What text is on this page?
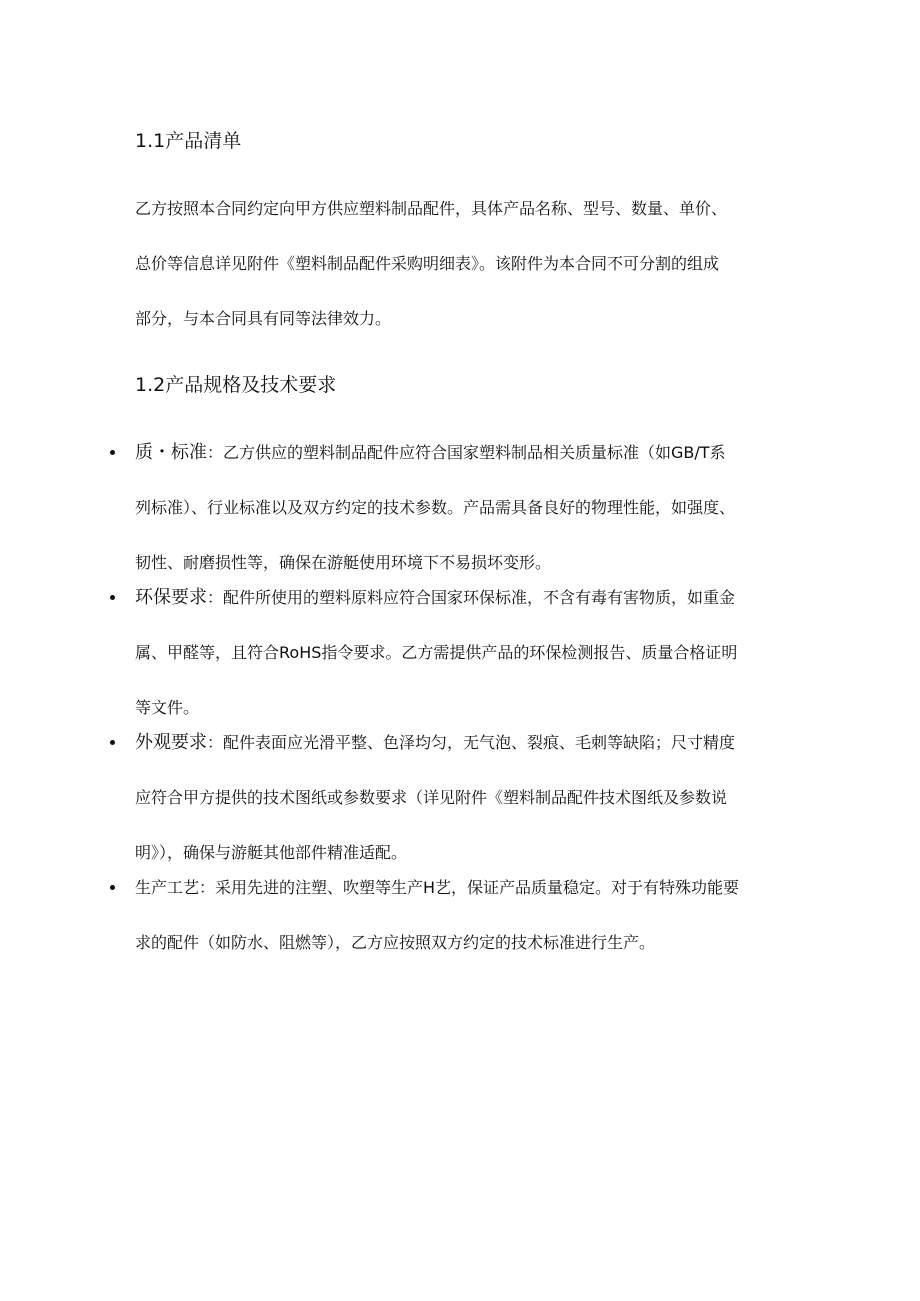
1.1产品清单

乙方按照本合同约定向甲方供应塑料制品配件，具体产品名称、型号、数量、单价、
总价等信息详见附件《塑料制品配件采购明细表》。该附件为本合同不可分割的组成
部分，与本合同具有同等法律效力。

1.2产品规格及技术要求
质・标准：乙方供应的塑料制品配件应符合国家塑料制品相关质量标准（如GB/T系
列标准）、行业标准以及双方约定的技术参数。产品需具备良好的物理性能，如强度、
韧性、耐磨损性等，确保在游艇使用环境下不易损坏变形。
环保要求：配件所使用的塑料原料应符合国家环保标准，不含有毒有害物质，如重金
属、甲醛等，且符合RoHS指令要求。乙方需提供产品的环保检测报告、质量合格证明
等文件。
外观要求：配件表面应光滑平整、色泽均匀，无气泡、裂痕、毛刺等缺陷；尺寸精度
应符合甲方提供的技术图纸或参数要求（详见附件《塑料制品配件技术图纸及参数说
明》），确保与游艇其他部件精准适配。
生产工艺：采用先进的注塑、吹塑等生产H艺，保证产品质量稳定。对于有特殊功能要
求的配件（如防水、阻燃等），乙方应按照双方约定的技术标准进行生产。
